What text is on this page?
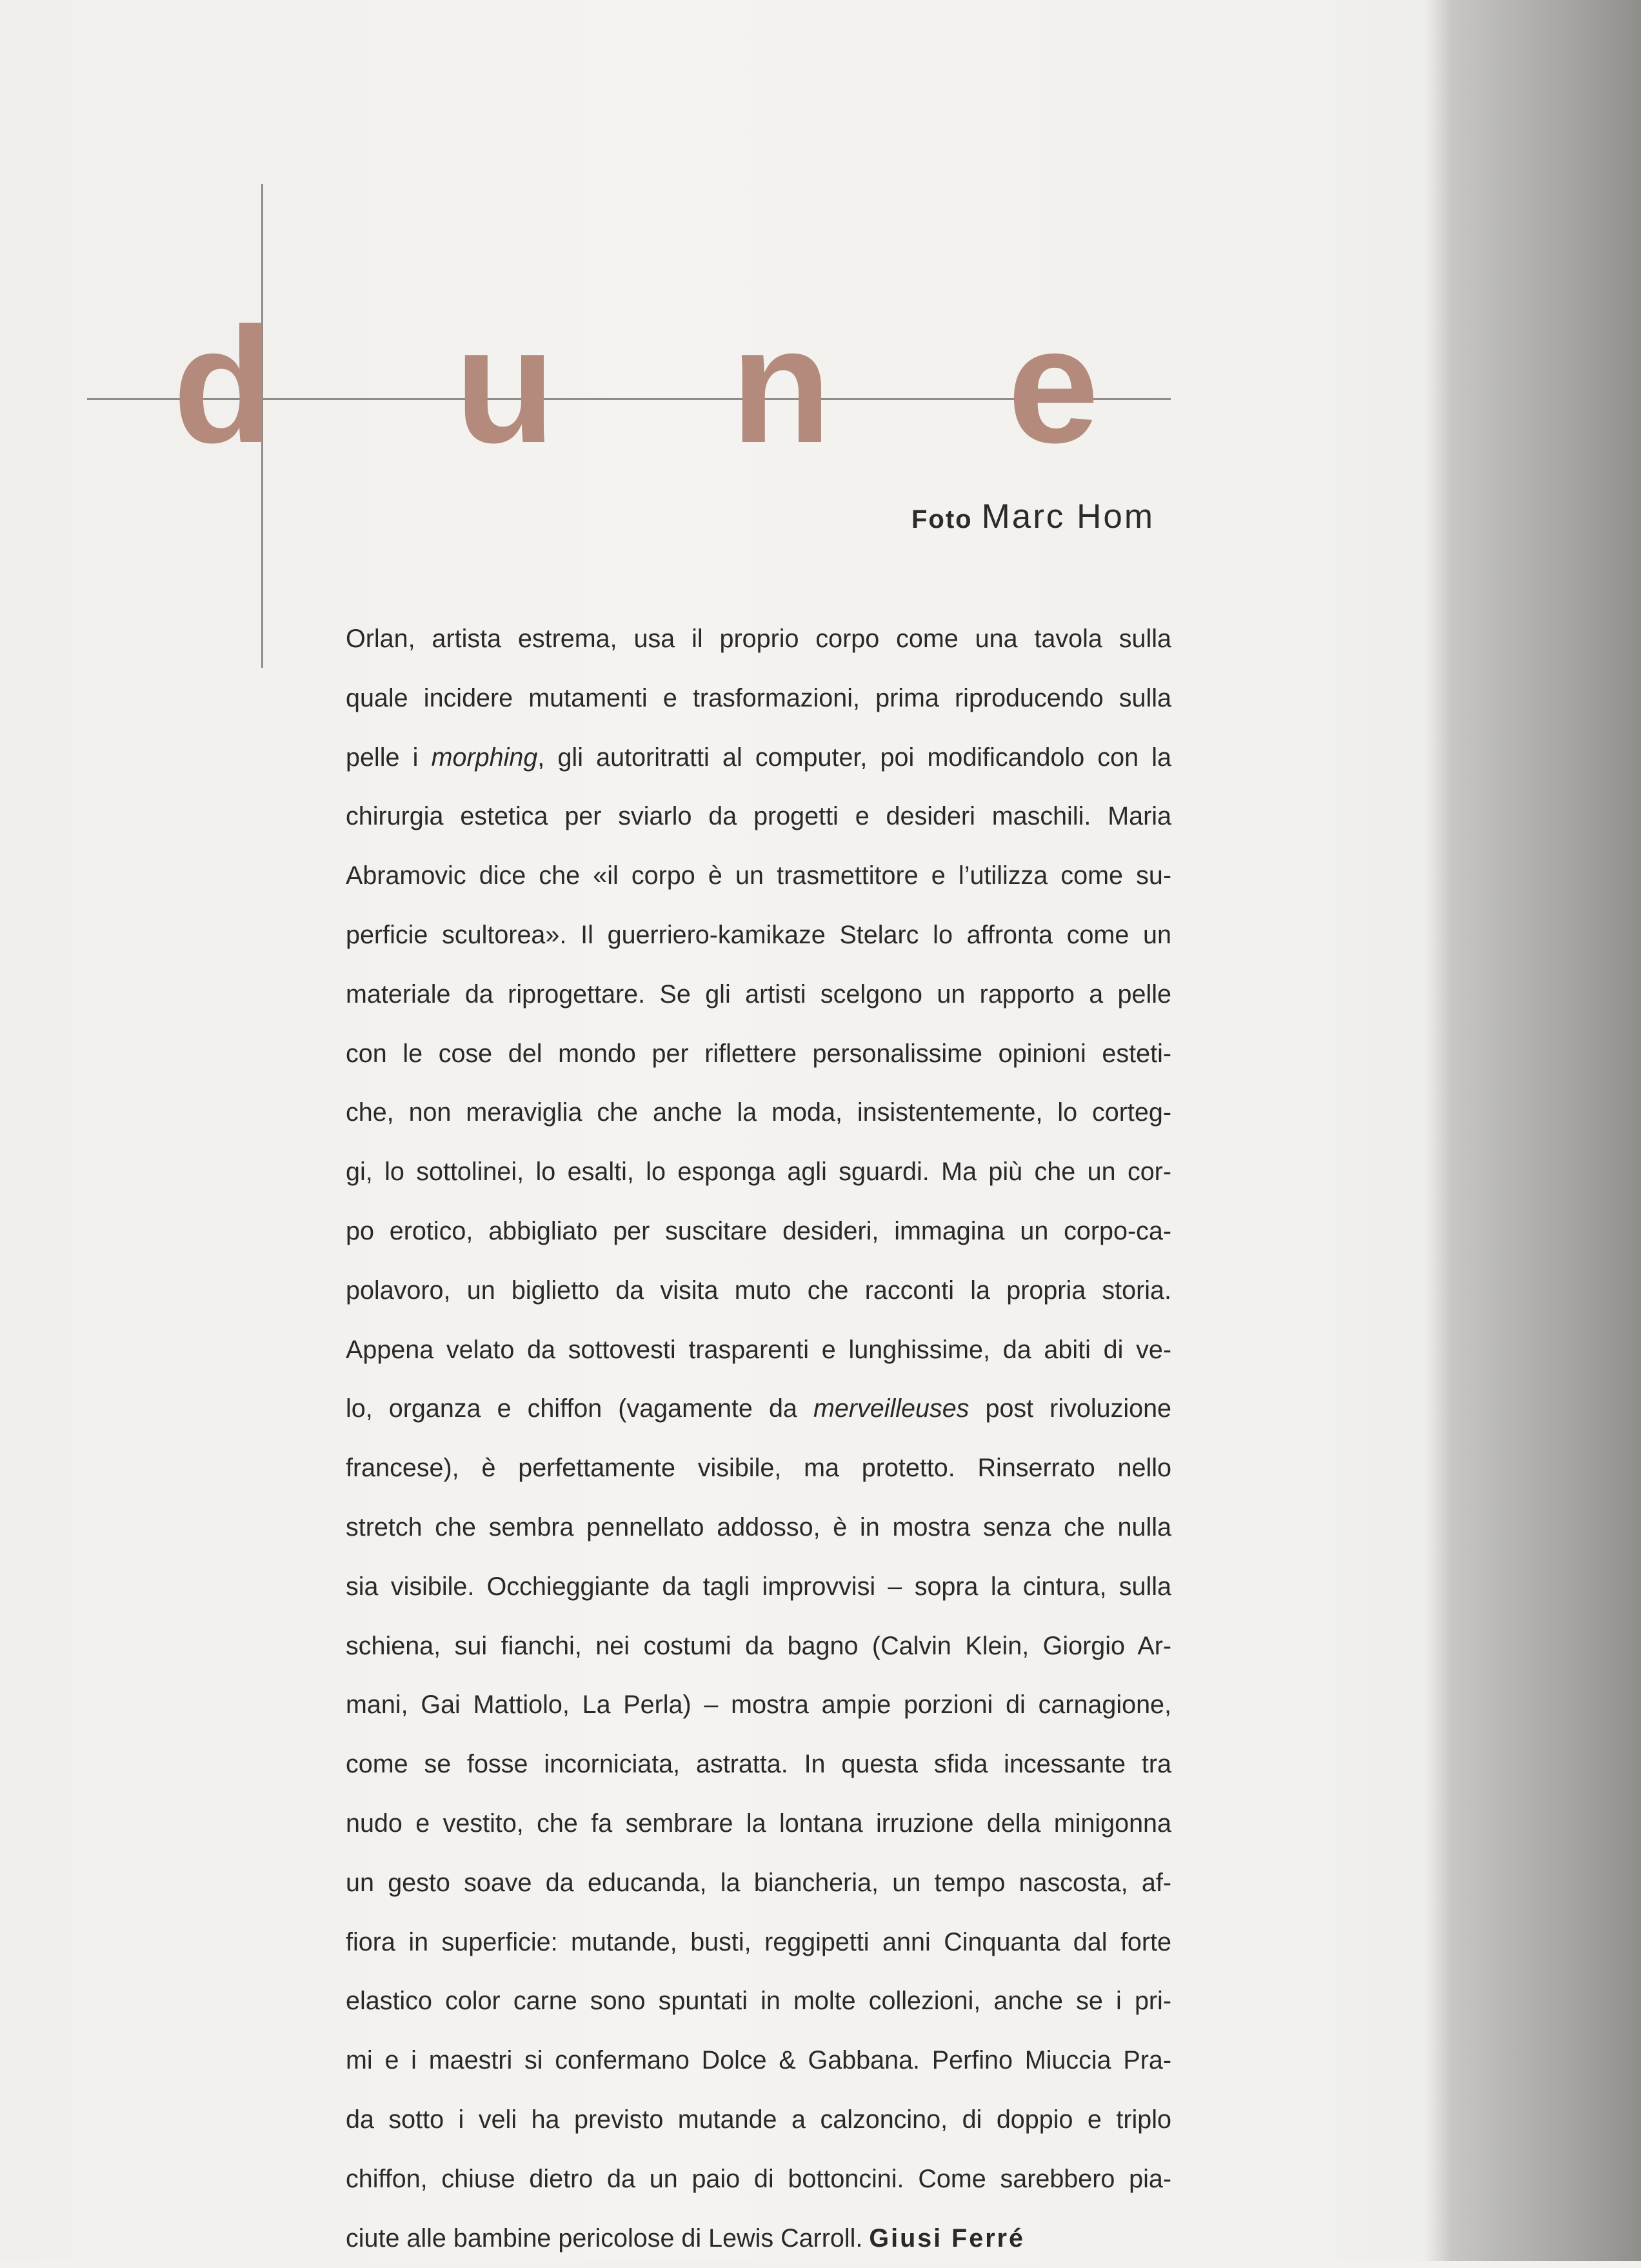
d u n e
Foto Marc Hom
Orlan, artista estrema, usa il proprio corpo come una tavola sulla
quale incidere mutamenti e trasformazioni, prima riproducendo sulla
pelle i morphing, gli autoritratti al computer, poi modificandolo con la
chirurgia estetica per sviarlo da progetti e desideri maschili. Maria
Abramovic dice che «il corpo è un trasmettitore e l’utilizza come su-
perficie scultorea». Il guerriero-kamikaze Stelarc lo affronta come un
materiale da riprogettare. Se gli artisti scelgono un rapporto a pelle
con le cose del mondo per riflettere personalissime opinioni esteti-
che, non meraviglia che anche la moda, insistentemente, lo corteg-
gi, lo sottolinei, lo esalti, lo esponga agli sguardi. Ma più che un cor-
po erotico, abbigliato per suscitare desideri, immagina un corpo-ca-
polavoro, un biglietto da visita muto che racconti la propria storia.
Appena velato da sottovesti trasparenti e lunghissime, da abiti di ve-
lo, organza e chiffon (vagamente da merveilleuses post rivoluzione
francese), è perfettamente visibile, ma protetto. Rinserrato nello
stretch che sembra pennellato addosso, è in mostra senza che nulla
sia visibile. Occhieggiante da tagli improvvisi – sopra la cintura, sulla
schiena, sui fianchi, nei costumi da bagno (Calvin Klein, Giorgio Ar-
mani, Gai Mattiolo, La Perla) – mostra ampie porzioni di carnagione,
come se fosse incorniciata, astratta. In questa sfida incessante tra
nudo e vestito, che fa sembrare la lontana irruzione della minigonna
un gesto soave da educanda, la biancheria, un tempo nascosta, af-
fiora in superficie: mutande, busti, reggipetti anni Cinquanta dal forte
elastico color carne sono spuntati in molte collezioni, anche se i pri-
mi e i maestri si confermano Dolce & Gabbana. Perfino Miuccia Pra-
da sotto i veli ha previsto mutande a calzoncino, di doppio e triplo
chiffon, chiuse dietro da un paio di bottoncini. Come sarebbero pia-
ciute alle bambine pericolose di Lewis Carroll. Giusi Ferré
